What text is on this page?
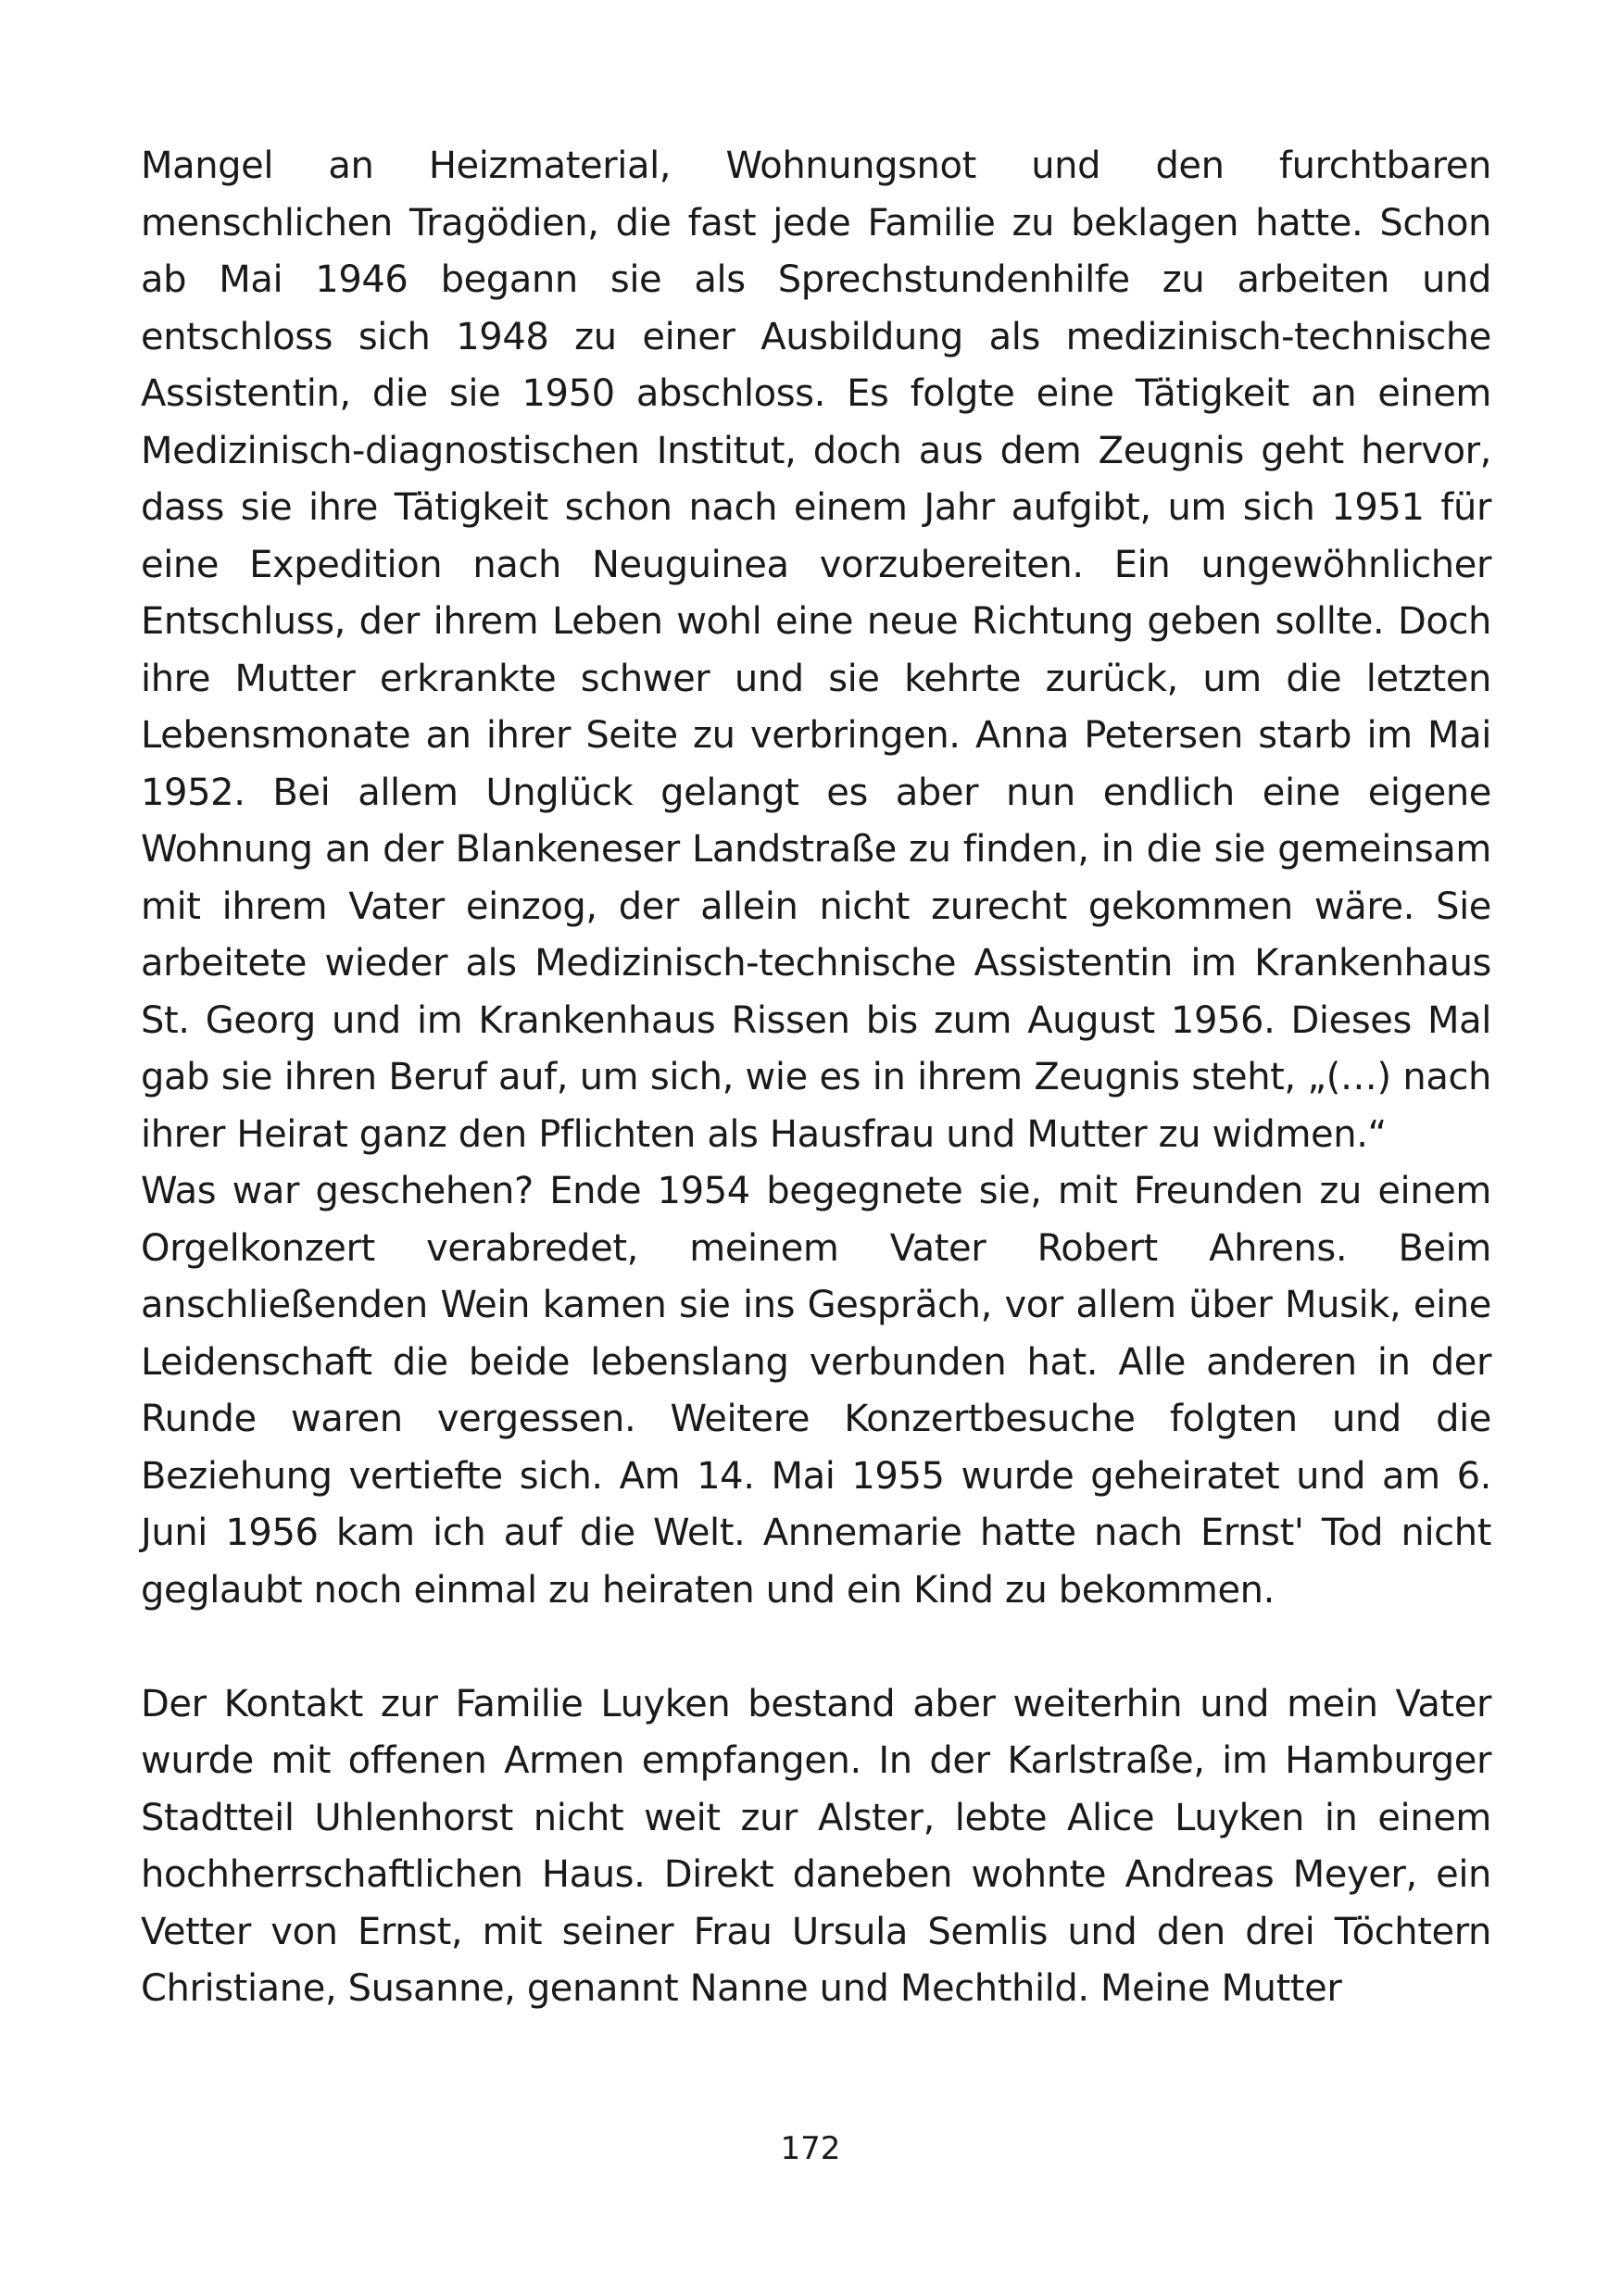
Mangel an Heizmaterial, Wohnungsnot und den furchtbaren menschlichen Tragödien, die fast jede Familie zu beklagen hatte. Schon ab Mai 1946 begann sie als Sprechstundenhilfe zu arbeiten und entschloss sich 1948 zu einer Ausbildung als medizinisch-technische Assistentin, die sie 1950 abschloss. Es folgte eine Tätigkeit an einem Medizinisch-diagnostischen Institut, doch aus dem Zeugnis geht hervor, dass sie ihre Tätigkeit schon nach einem Jahr aufgibt, um sich 1951 für eine Expedition nach Neuguinea vorzubereiten. Ein ungewöhnlicher Entschluss, der ihrem Leben wohl eine neue Richtung geben sollte. Doch ihre Mutter erkrankte schwer und sie kehrte zurück, um die letzten Lebensmonate an ihrer Seite zu verbringen. Anna Petersen starb im Mai 1952. Bei allem Unglück gelangt es aber nun endlich eine eigene Wohnung an der Blankeneser Landstraße zu finden, in die sie gemeinsam mit ihrem Vater einzog, der allein nicht zurecht gekommen wäre. Sie arbeitete wieder als Medizinisch-technische Assistentin im Krankenhaus St. Georg und im Krankenhaus Rissen bis zum August 1956. Dieses Mal gab sie ihren Beruf auf, um sich, wie es in ihrem Zeugnis steht, „(…) nach ihrer Heirat ganz den Pflichten als Hausfrau und Mutter zu widmen.“

Was war geschehen? Ende 1954 begegnete sie, mit Freunden zu einem Orgelkonzert verabredet, meinem Vater Robert Ahrens. Beim anschließenden Wein kamen sie ins Gespräch, vor allem über Musik, eine Leidenschaft die beide lebenslang verbunden hat. Alle anderen in der Runde waren vergessen. Weitere Konzertbesuche folgten und die Beziehung vertiefte sich. Am 14. Mai 1955 wurde geheiratet und am 6. Juni 1956 kam ich auf die Welt. Annemarie hatte nach Ernst' Tod nicht geglaubt noch einmal zu heiraten und ein Kind zu bekommen.

Der Kontakt zur Familie Luyken bestand aber weiterhin und mein Vater wurde mit offenen Armen empfangen. In der Karlstraße, im Hamburger Stadtteil Uhlenhorst nicht weit zur Alster, lebte Alice Luyken in einem hochherrschaftlichen Haus. Direkt daneben wohnte Andreas Meyer, ein Vetter von Ernst, mit seiner Frau Ursula Semlis und den drei Töchtern Christiane, Susanne, genannt Nanne und Mechthild. Meine Mutter

172
